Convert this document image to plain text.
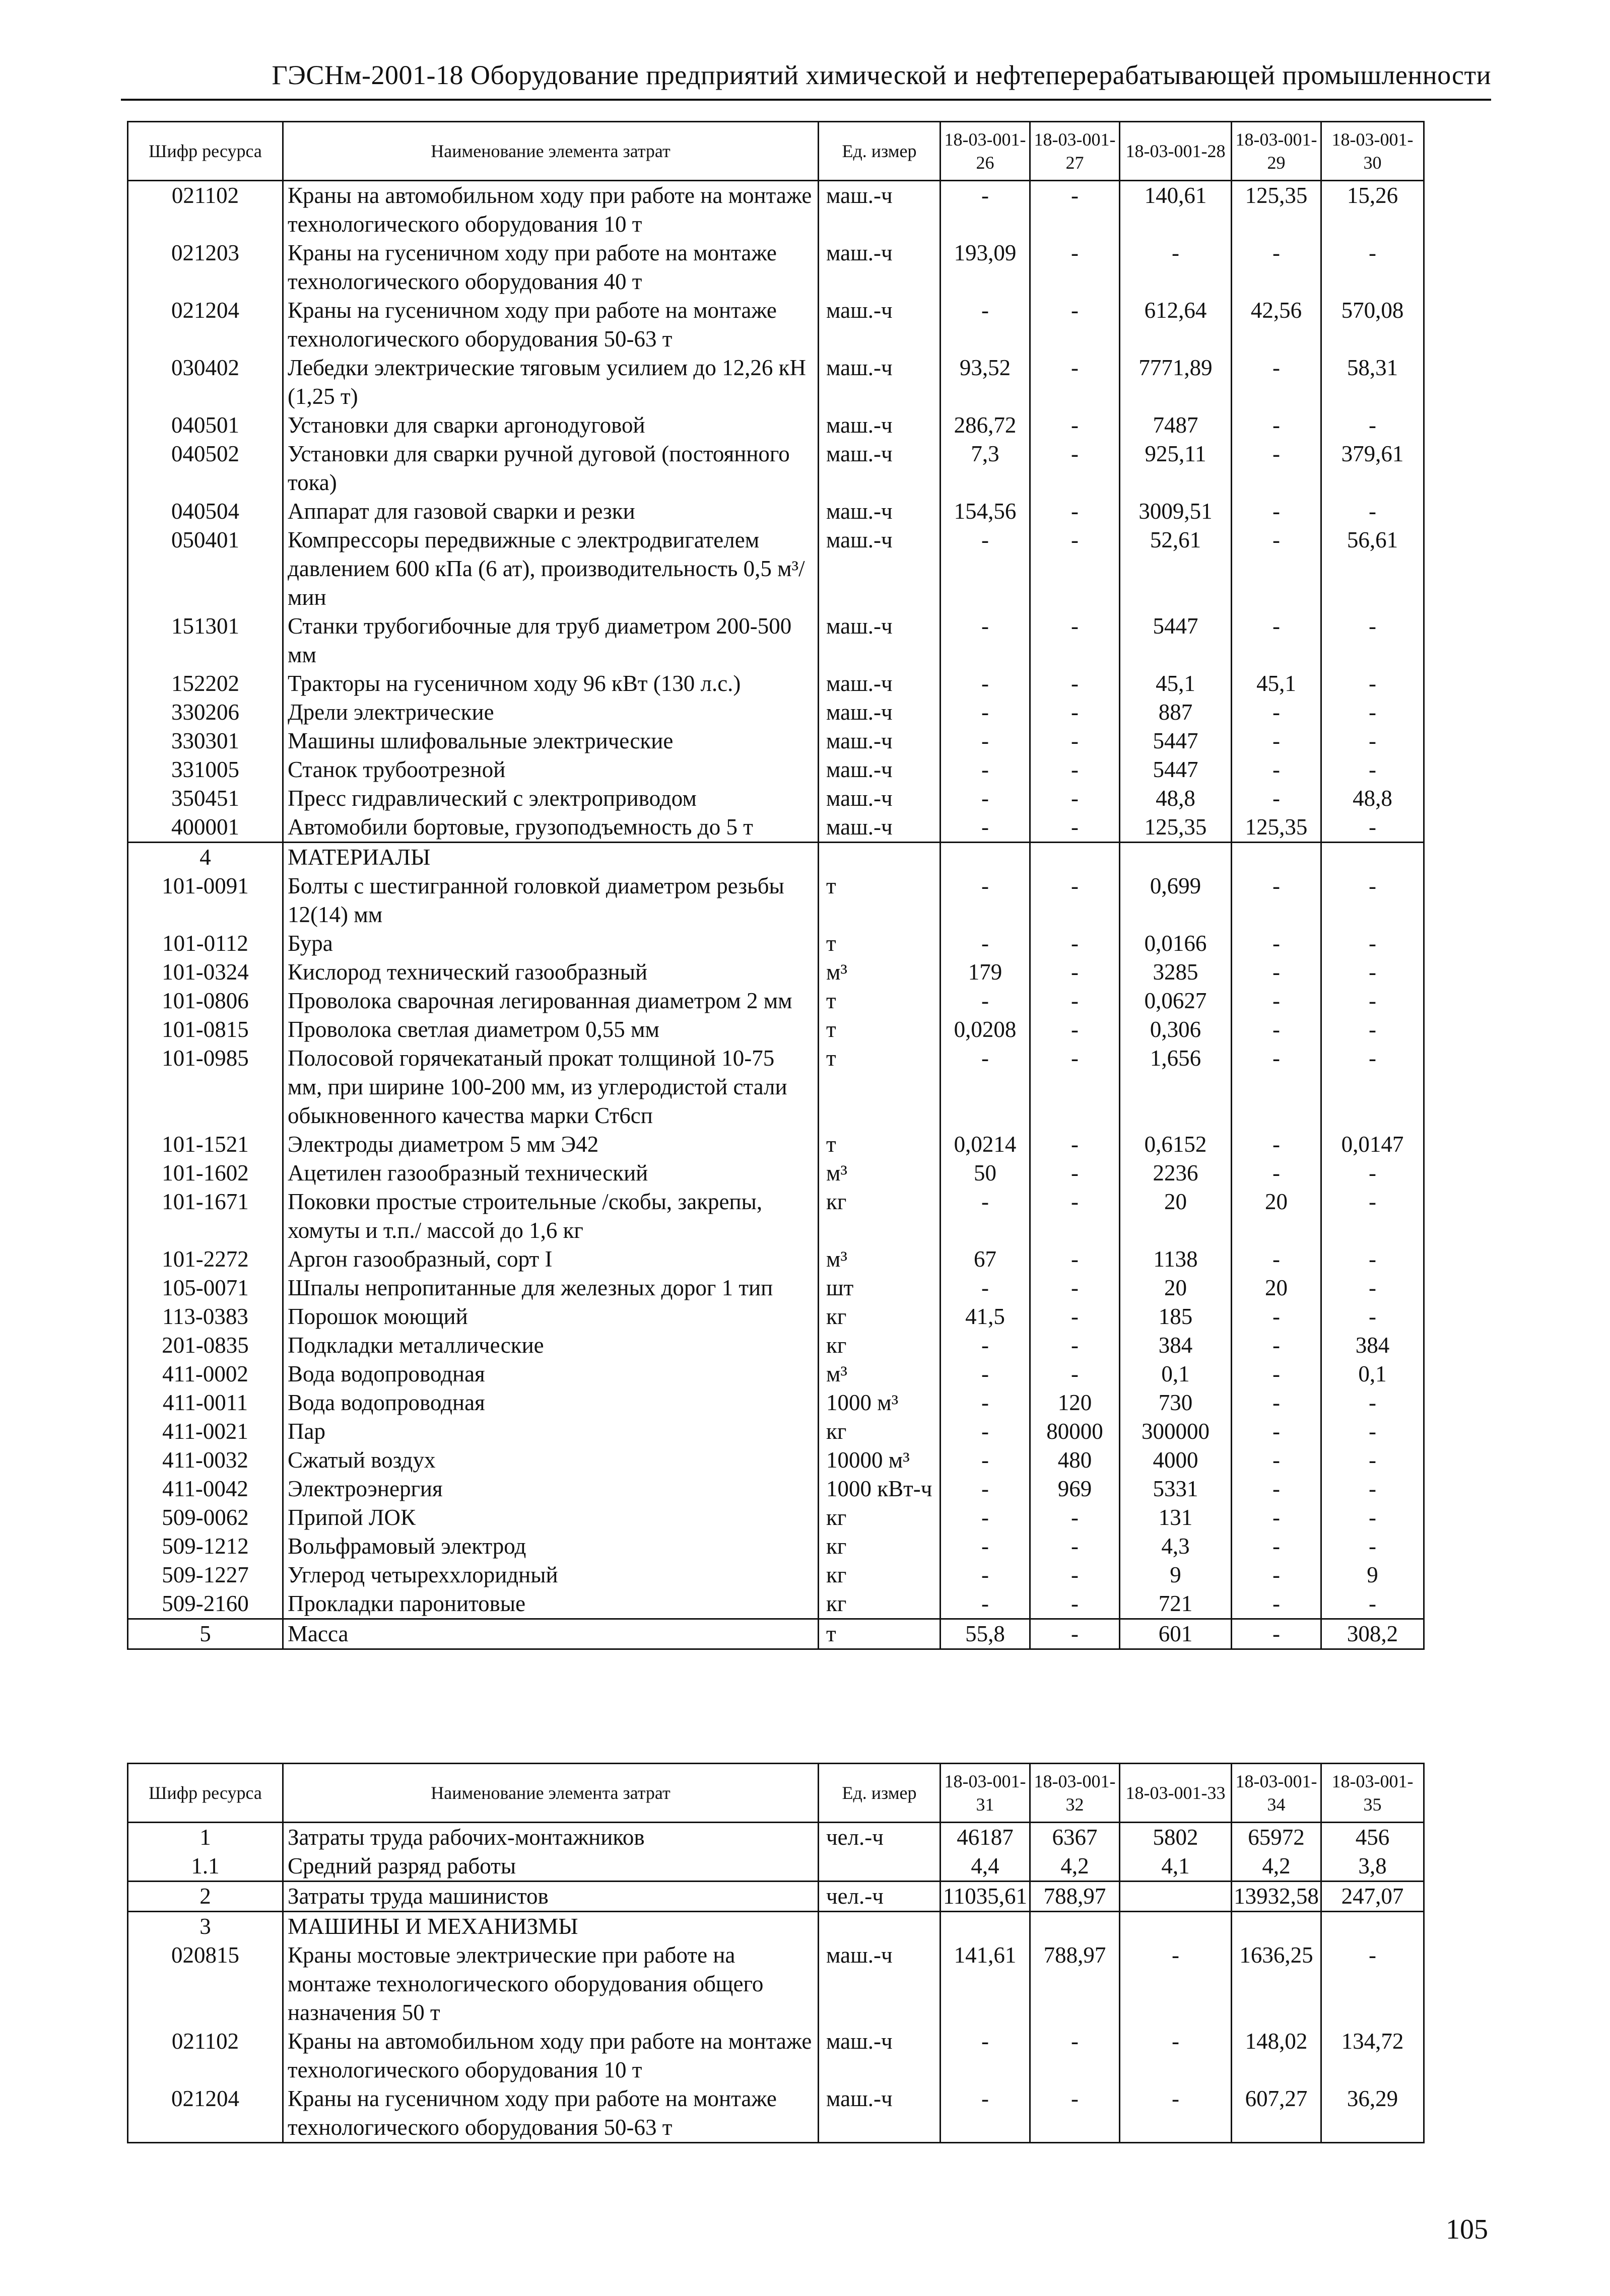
ГЭСНм-2001-18 Оборудование предприятий химической и нефтеперерабатывающей промышленности
Шифр ресурса	Наименование элемента затрат	Ед. измер	18-03-001-26	18-03-001-27	18-03-001-28	18-03-001-29	18-03-001-30
021102	Краны на автомобильном ходу при работе на монтаже технологического оборудования 10 т	маш.-ч	-	-	140,61	125,35	15,26
021203	Краны на гусеничном ходу при работе на монтаже технологического оборудования 40 т	маш.-ч	193,09	-	-	-	-
021204	Краны на гусеничном ходу при работе на монтаже технологического оборудования 50-63 т	маш.-ч	-	-	612,64	42,56	570,08
030402	Лебедки электрические тяговым усилием до 12,26 кН (1,25 т)	маш.-ч	93,52	-	7771,89	-	58,31
040501	Установки для сварки аргонодуговой	маш.-ч	286,72	-	7487	-	-
040502	Установки для сварки ручной дуговой (постоянного тока)	маш.-ч	7,3	-	925,11	-	379,61
040504	Аппарат для газовой сварки и резки	маш.-ч	154,56	-	3009,51	-	-
050401	Компрессоры передвижные с электродвигателем давлением 600 кПа (6 ат), производительность 0,5 м³/мин	маш.-ч	-	-	52,61	-	56,61
151301	Станки трубогибочные для труб диаметром 200-500 мм	маш.-ч	-	-	5447	-	-
152202	Тракторы на гусеничном ходу 96 кВт (130 л.с.)	маш.-ч	-	-	45,1	45,1	-
330206	Дрели электрические	маш.-ч	-	-	887	-	-
330301	Машины шлифовальные электрические	маш.-ч	-	-	5447	-	-
331005	Станок трубоотрезной	маш.-ч	-	-	5447	-	-
350451	Пресс гидравлический с электроприводом	маш.-ч	-	-	48,8	-	48,8
400001	Автомобили бортовые, грузоподъемность до 5 т	маш.-ч	-	-	125,35	125,35	-
4	МАТЕРИАЛЫ						
101-0091	Болты с шестигранной головкой диаметром резьбы 12(14) мм	т	-	-	0,699	-	-
101-0112	Бура	т	-	-	0,0166	-	-
101-0324	Кислород технический газообразный	м³	179	-	3285	-	-
101-0806	Проволока сварочная легированная диаметром 2 мм	т	-	-	0,0627	-	-
101-0815	Проволока светлая диаметром 0,55 мм	т	0,0208	-	0,306	-	-
101-0985	Полосовой горячекатаный прокат толщиной 10-75 мм, при ширине 100-200 мм, из углеродистой стали обыкновенного качества марки Ст6сп	т	-	-	1,656	-	-
101-1521	Электроды диаметром 5 мм Э42	т	0,0214	-	0,6152	-	0,0147
101-1602	Ацетилен газообразный технический	м³	50	-	2236	-	-
101-1671	Поковки простые строительные /скобы, закрепы, хомуты и т.п./ массой до 1,6 кг	кг	-	-	20	20	-
101-2272	Аргон газообразный, сорт I	м³	67	-	1138	-	-
105-0071	Шпалы непропитанные для железных дорог 1 тип	шт	-	-	20	20	-
113-0383	Порошок моющий	кг	41,5	-	185	-	-
201-0835	Подкладки металлические	кг	-	-	384	-	384
411-0002	Вода водопроводная	м³	-	-	0,1	-	0,1
411-0011	Вода водопроводная	1000 м³	-	120	730	-	-
411-0021	Пар	кг	-	80000	300000	-	-
411-0032	Сжатый воздух	10000 м³	-	480	4000	-	-
411-0042	Электроэнергия	1000 кВт-ч	-	969	5331	-	-
509-0062	Припой ЛОК	кг	-	-	131	-	-
509-1212	Вольфрамовый электрод	кг	-	-	4,3	-	-
509-1227	Углерод четыреххлоридный	кг	-	-	9	-	9
509-2160	Прокладки паронитовые	кг	-	-	721	-	-
5	Масса	т	55,8	-	601	-	308,2
Шифр ресурса	Наименование элемента затрат	Ед. измер	18-03-001-31	18-03-001-32	18-03-001-33	18-03-001-34	18-03-001-35
1	Затраты труда рабочих-монтажников	чел.-ч	46187	6367	5802	65972	456
1.1	Средний разряд работы		4,4	4,2	4,1	4,2	3,8
2	Затраты труда машинистов	чел.-ч	11035,61	788,97		13932,58	247,07
3	МАШИНЫ И МЕХАНИЗМЫ						
020815	Краны мостовые электрические при работе на монтаже технологического оборудования общего назначения 50 т	маш.-ч	141,61	788,97	-	1636,25	-
021102	Краны на автомобильном ходу при работе на монтаже технологического оборудования 10 т	маш.-ч	-	-	-	148,02	134,72
021204	Краны на гусеничном ходу при работе на монтаже технологического оборудования 50-63 т	маш.-ч	-	-	-	607,27	36,29
105
